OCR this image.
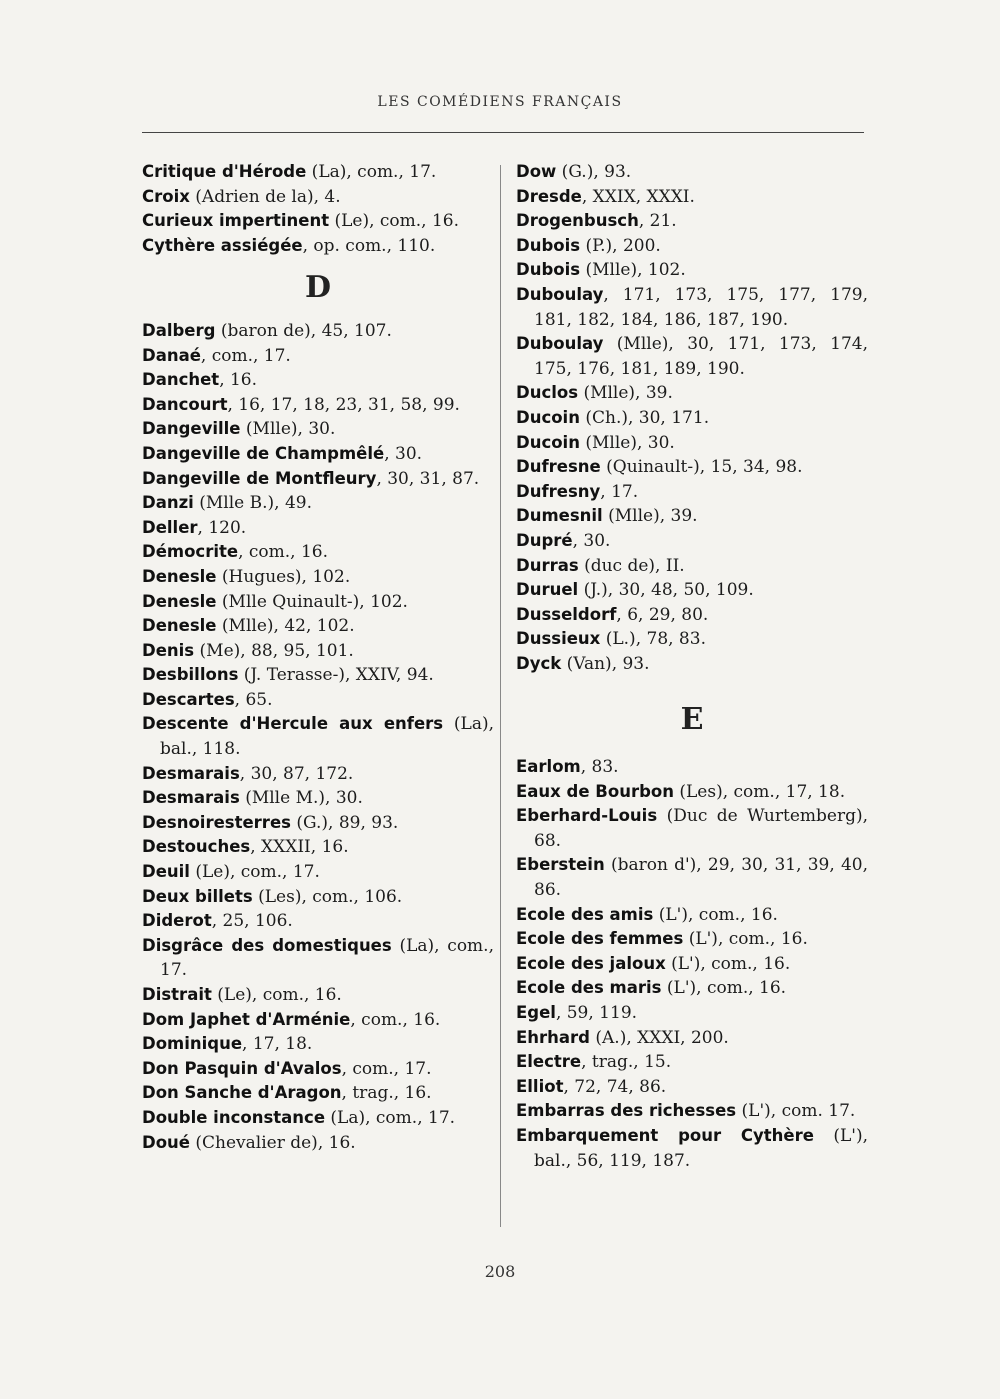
LES COMÉDIENS FRANÇAIS

Critique d'Hérode (La), com., 17.

Croix (Adrien de la), 4.

Curieux impertinent (Le), com., 16.

Cythère assiégée, op. com., 110.

D

Dalberg (baron de), 45, 107.

Danaé, com., 17.

Danchet, 16.

Dancourt, 16, 17, 18, 23, 31, 58, 99.

Dangeville (Mlle), 30.

Dangeville de Champmêlé, 30.

Dangeville de Montfleury, 30, 31, 87.

Danzi (Mlle B.), 49.

Deller, 120.

Démocrite, com., 16.

Denesle (Hugues), 102.

Denesle (Mlle Quinault-), 102.

Denesle (Mlle), 42, 102.

Denis (Me), 88, 95, 101.

Desbillons (J. Terasse-), XXIV, 94.

Descartes, 65.

Descente d'Hercule aux enfers (La), bal., 118.

Desmarais, 30, 87, 172.

Desmarais (Mlle M.), 30.

Desnoiresterres (G.), 89, 93.

Destouches, XXXII, 16.

Deuil (Le), com., 17.

Deux billets (Les), com., 106.

Diderot, 25, 106.

Disgrâce des domestiques (La), com., 17.

Distrait (Le), com., 16.

Dom Japhet d'Arménie, com., 16.

Dominique, 17, 18.

Don Pasquin d'Avalos, com., 17.

Don Sanche d'Aragon, trag., 16.

Double inconstance (La), com., 17.

Doué (Chevalier de), 16.

Dow (G.), 93.

Dresde, XXIX, XXXI.

Drogenbusch, 21.

Dubois (P.), 200.

Dubois (Mlle), 102.

Duboulay, 171, 173, 175, 177, 179, 181, 182, 184, 186, 187, 190.

Duboulay (Mlle), 30, 171, 173, 174, 175, 176, 181, 189, 190.

Duclos (Mlle), 39.

Ducoin (Ch.), 30, 171.

Ducoin (Mlle), 30.

Dufresne (Quinault-), 15, 34, 98.

Dufresny, 17.

Dumesnil (Mlle), 39.

Dupré, 30.

Durras (duc de), II.

Duruel (J.), 30, 48, 50, 109.

Dusseldorf, 6, 29, 80.

Dussieux (L.), 78, 83.

Dyck (Van), 93.

E

Earlom, 83.

Eaux de Bourbon (Les), com., 17, 18.

Eberhard-Louis (Duc de Wurtemberg), 68.

Eberstein (baron d'), 29, 30, 31, 39, 40, 86.

Ecole des amis (L'), com., 16.

Ecole des femmes (L'), com., 16.

Ecole des jaloux (L'), com., 16.

Ecole des maris (L'), com., 16.

Egel, 59, 119.

Ehrhard (A.), XXXI, 200.

Electre, trag., 15.

Elliot, 72, 74, 86.

Embarras des richesses (L'), com. 17.

Embarquement pour Cythère (L'), bal., 56, 119, 187.

208
